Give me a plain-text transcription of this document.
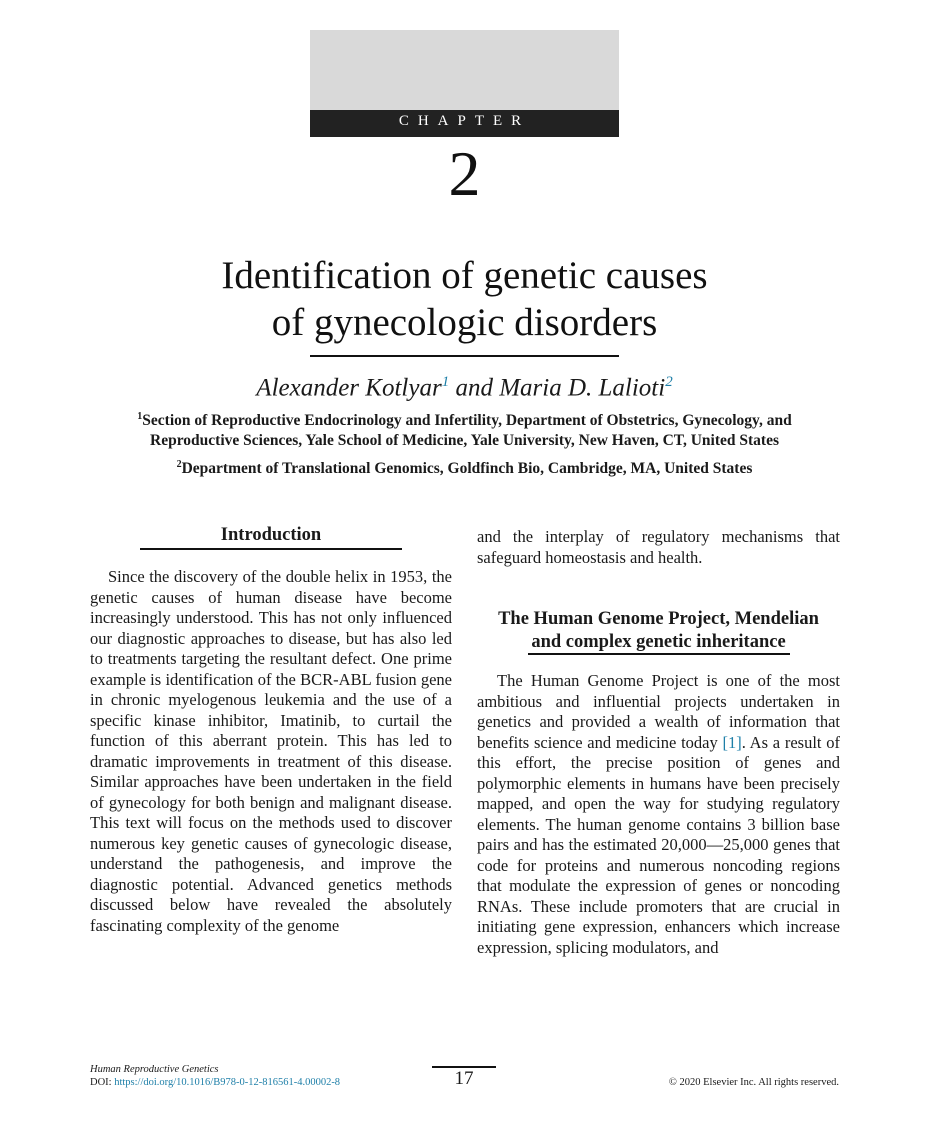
CHAPTER
2
Identification of genetic causes
of gynecologic disorders
Alexander Kotlyar$^1$ and Maria D. Lalioti$^2$
$^1$Section of Reproductive Endocrinology and Infertility, Department of Obstetrics, Gynecology, and
Reproductive Sciences, Yale School of Medicine, Yale University, New Haven, CT, United States
$^2$Department of Translational Genomics, Goldfinch Bio, Cambridge, MA, United States
Introduction

Since the discovery of the double helix in 1953, the genetic causes of human disease have become increasingly understood. This has not only influenced our diagnostic approaches to disease, but has also led to treatments targeting the resultant defect. One prime example is identification of the BCR-ABL fusion gene in chronic myelogenous leukemia and the use of a specific kinase inhibitor, Imatinib, to curtail the function of this aberrant protein. This has led to dramatic improvements in treatment of this disease. Similar approaches have been undertaken in the field of gynecology for both benign and malignant disease. This text will focus on the methods used to discover numerous key genetic causes of gynecologic disease, understand the pathogenesis, and improve the diagnostic potential. Advanced genetics methods discussed below have revealed the absolutely fascinating complexity of the genome

and the interplay of regulatory mechanisms that safeguard homeostasis and health.

The Human Genome Project, Mendelian
and complex genetic inheritance

The Human Genome Project is one of the most ambitious and influential projects undertaken in genetics and provided a wealth of information that benefits science and medicine today [1]. As a result of this effort, the precise position of genes and polymorphic elements in humans have been precisely mapped, and open the way for studying regulatory elements. The human genome contains 3 billion base pairs and has the estimated 20,000—25,000 genes that code for proteins and numerous noncoding regions that modulate the expression of genes or noncoding RNAs. These include promoters that are crucial in initiating gene expression, enhancers which increase expression, splicing modulators, and

Human Reproductive Genetics
DOI: https://doi.org/10.1016/B978-0-12-816561-4.00002-8	17	© 2020 Elsevier Inc. All rights reserved.
